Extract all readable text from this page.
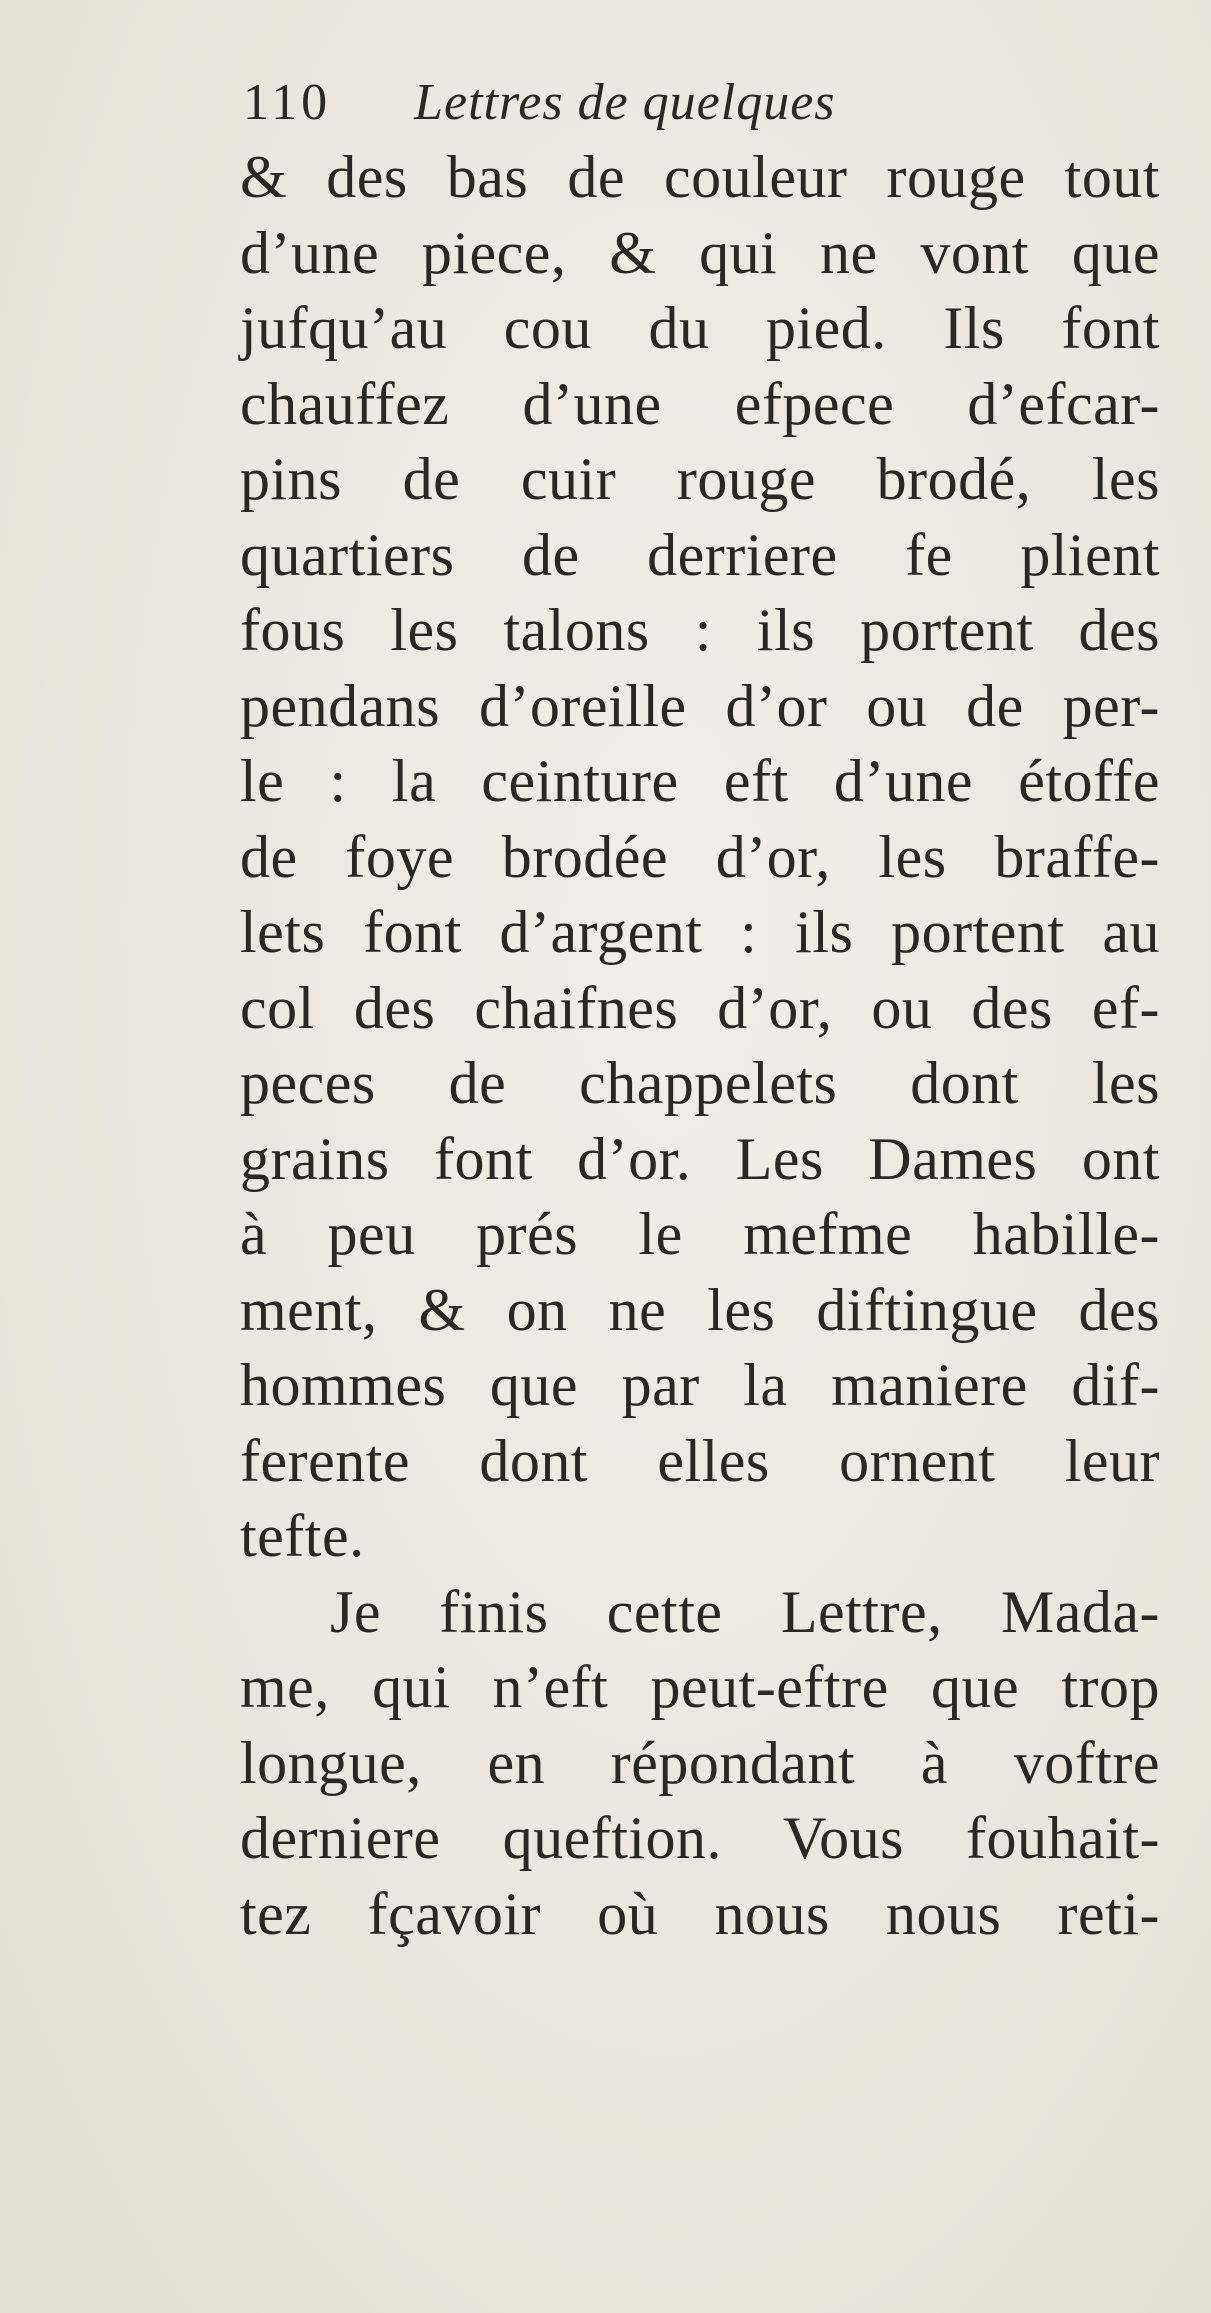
110 Lettres de quelques
& des bas de couleur rouge tout
d’une piece, & qui ne vont que
jufqu’au cou du pied. Ils font
chauffez d’une efpece d’efcar-
pins de cuir rouge brodé, les
quartiers de derriere fe plient
fous les talons : ils portent des
pendans d’oreille d’or ou de per-
le : la ceinture eft d’une étoffe
de foye brodée d’or, les braffe-
lets font d’argent : ils portent au
col des chaifnes d’or, ou des ef-
peces de chappelets dont les
grains font d’or. Les Dames ont
à peu prés le mefme habille-
ment, & on ne les diftingue des
hommes que par la maniere dif-
ferente dont elles ornent leur
tefte.
Je finis cette Lettre, Mada-
me, qui n’eft peut-eftre que trop
longue, en répondant à voftre
derniere queftion. Vous fouhait-
tez fçavoir où nous nous reti-
